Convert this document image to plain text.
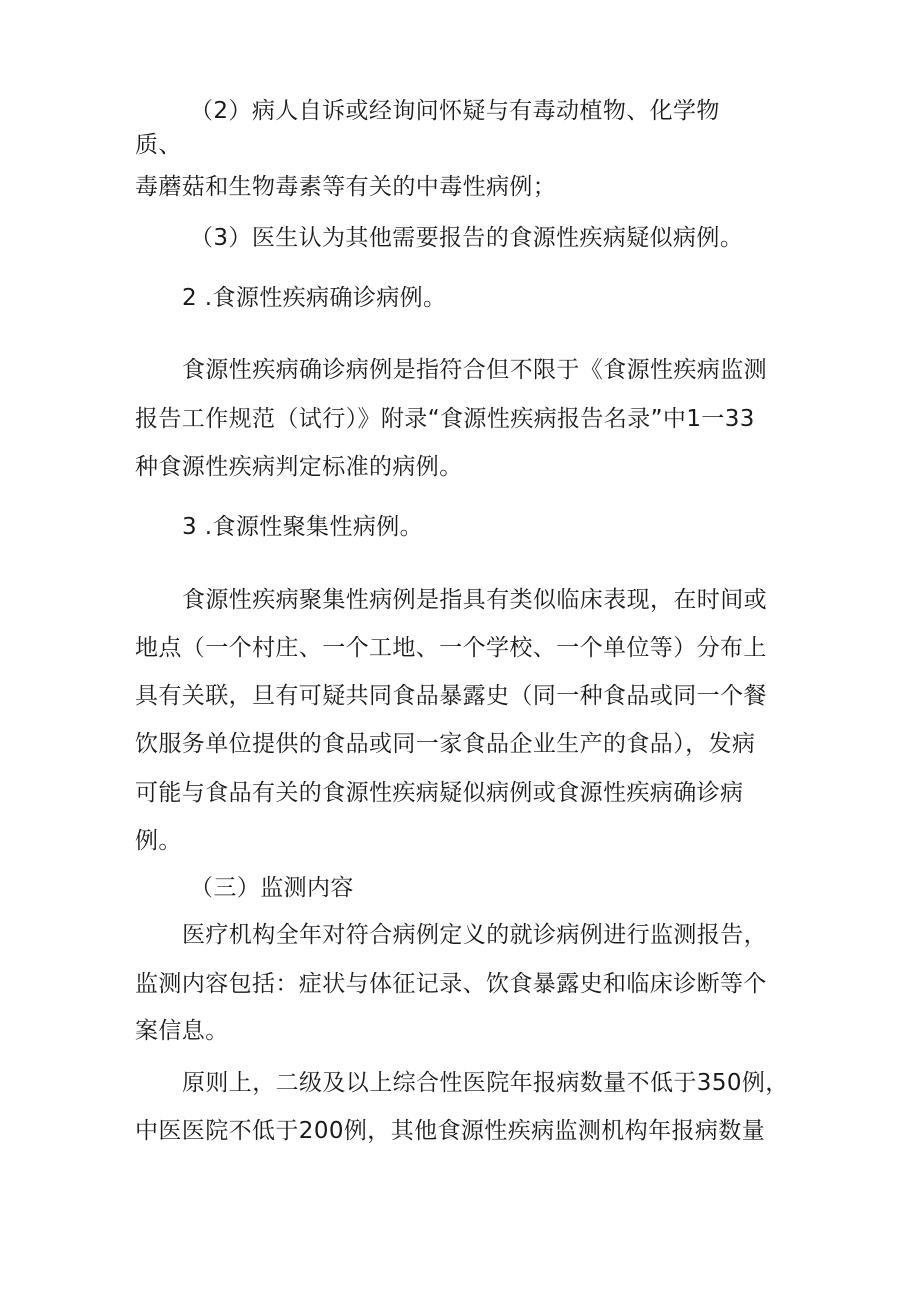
（2）病人自诉或经询问怀疑与有毒动植物、化学物
质、
毒蘑菇和生物毒素等有关的中毒性病例；
（3）医生认为其他需要报告的食源性疾病疑似病例。
2 .食源性疾病确诊病例。
食源性疾病确诊病例是指符合但不限于《食源性疾病监测
报告工作规范（试行）》附录“食源性疾病报告名录”中1一33
种食源性疾病判定标准的病例。
3 .食源性聚集性病例。
食源性疾病聚集性病例是指具有类似临床表现，在时间或
地点（一个村庄、一个工地、一个学校、一个单位等）分布上
具有关联，旦有可疑共同食品暴露史（同一种食品或同一个餐
饮服务单位提供的食品或同一家食品企业生产的食品），发病
可能与食品有关的食源性疾病疑似病例或食源性疾病确诊病
例。
（三）监测内容
医疗机构全年对符合病例定义的就诊病例进行监测报告，
监测内容包括：症状与体征记录、饮食暴露史和临床诊断等个
案信息。
原则上，二级及以上综合性医院年报病数量不低于350例，
中医医院不低于200例，其他食源性疾病监测机构年报病数量
